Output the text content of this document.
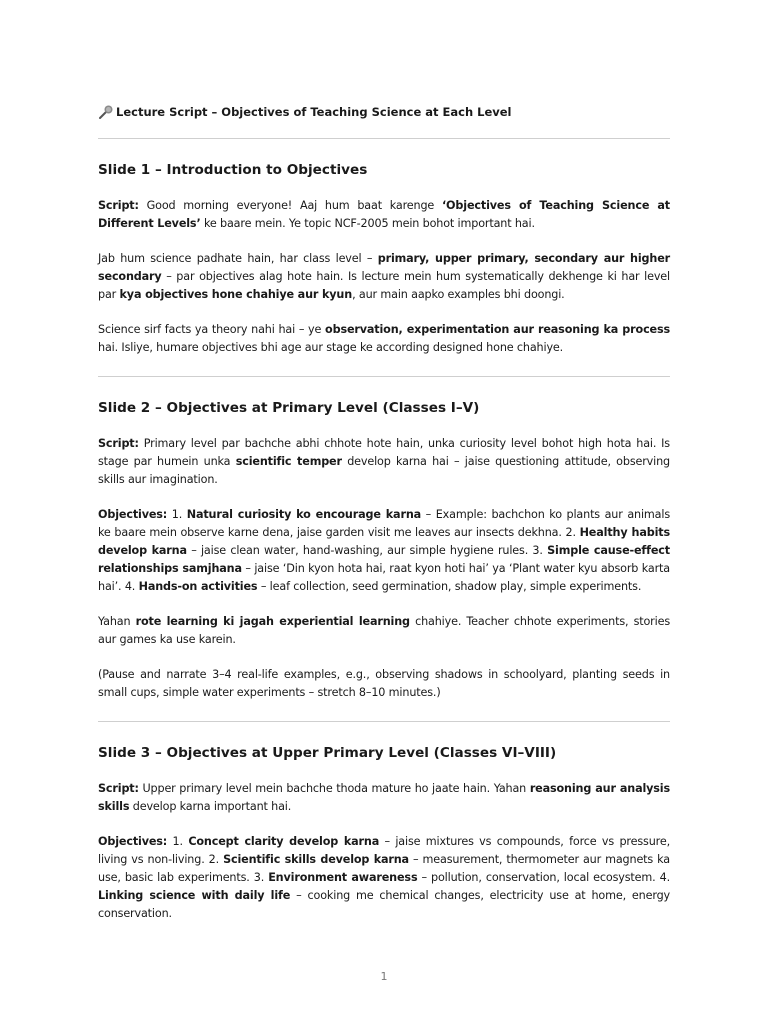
Lecture Script – Objectives of Teaching Science at Each Level
Slide 1 – Introduction to Objectives

Script: Good morning everyone! Aaj hum baat karenge ‘Objectives of Teaching Science at Different Levels’ ke baare mein. Ye topic NCF-2005 mein bohot important hai.

Jab hum science padhate hain, har class level – primary, upper primary, secondary aur higher secondary – par objectives alag hote hain. Is lecture mein hum systematically dekhenge ki har level par kya objectives hone chahiye aur kyun, aur main aapko examples bhi doongi.

Science sirf facts ya theory nahi hai – ye observation, experimentation aur reasoning ka process hai. Isliye, humare objectives bhi age aur stage ke according designed hone chahiye.

Slide 2 – Objectives at Primary Level (Classes I–V)

Script: Primary level par bachche abhi chhote hote hain, unka curiosity level bohot high hota hai. Is stage par humein unka scientific temper develop karna hai – jaise questioning attitude, observing skills aur imagination.

Objectives: 1. Natural curiosity ko encourage karna – Example: bachchon ko plants aur animals ke baare mein observe karne dena, jaise garden visit me leaves aur insects dekhna. 2. Healthy habits develop karna – jaise clean water, hand-washing, aur simple hygiene rules. 3. Simple cause-effect relationships samjhana – jaise ‘Din kyon hota hai, raat kyon hoti hai’ ya ‘Plant water kyu absorb karta hai’. 4. Hands-on activities – leaf collection, seed germination, shadow play, simple experiments.

Yahan rote learning ki jagah experiential learning chahiye. Teacher chhote experiments, stories aur games ka use karein.

(Pause and narrate 3–4 real-life examples, e.g., observing shadows in schoolyard, planting seeds in small cups, simple water experiments – stretch 8–10 minutes.)

Slide 3 – Objectives at Upper Primary Level (Classes VI–VIII)

Script: Upper primary level mein bachche thoda mature ho jaate hain. Yahan reasoning aur analysis skills develop karna important hai.

Objectives: 1. Concept clarity develop karna – jaise mixtures vs compounds, force vs pressure, living vs non-living. 2. Scientific skills develop karna – measurement, thermometer aur magnets ka use, basic lab experiments. 3. Environment awareness – pollution, conservation, local ecosystem. 4. Linking science with daily life – cooking me chemical changes, electricity use at home, energy conservation.

1
